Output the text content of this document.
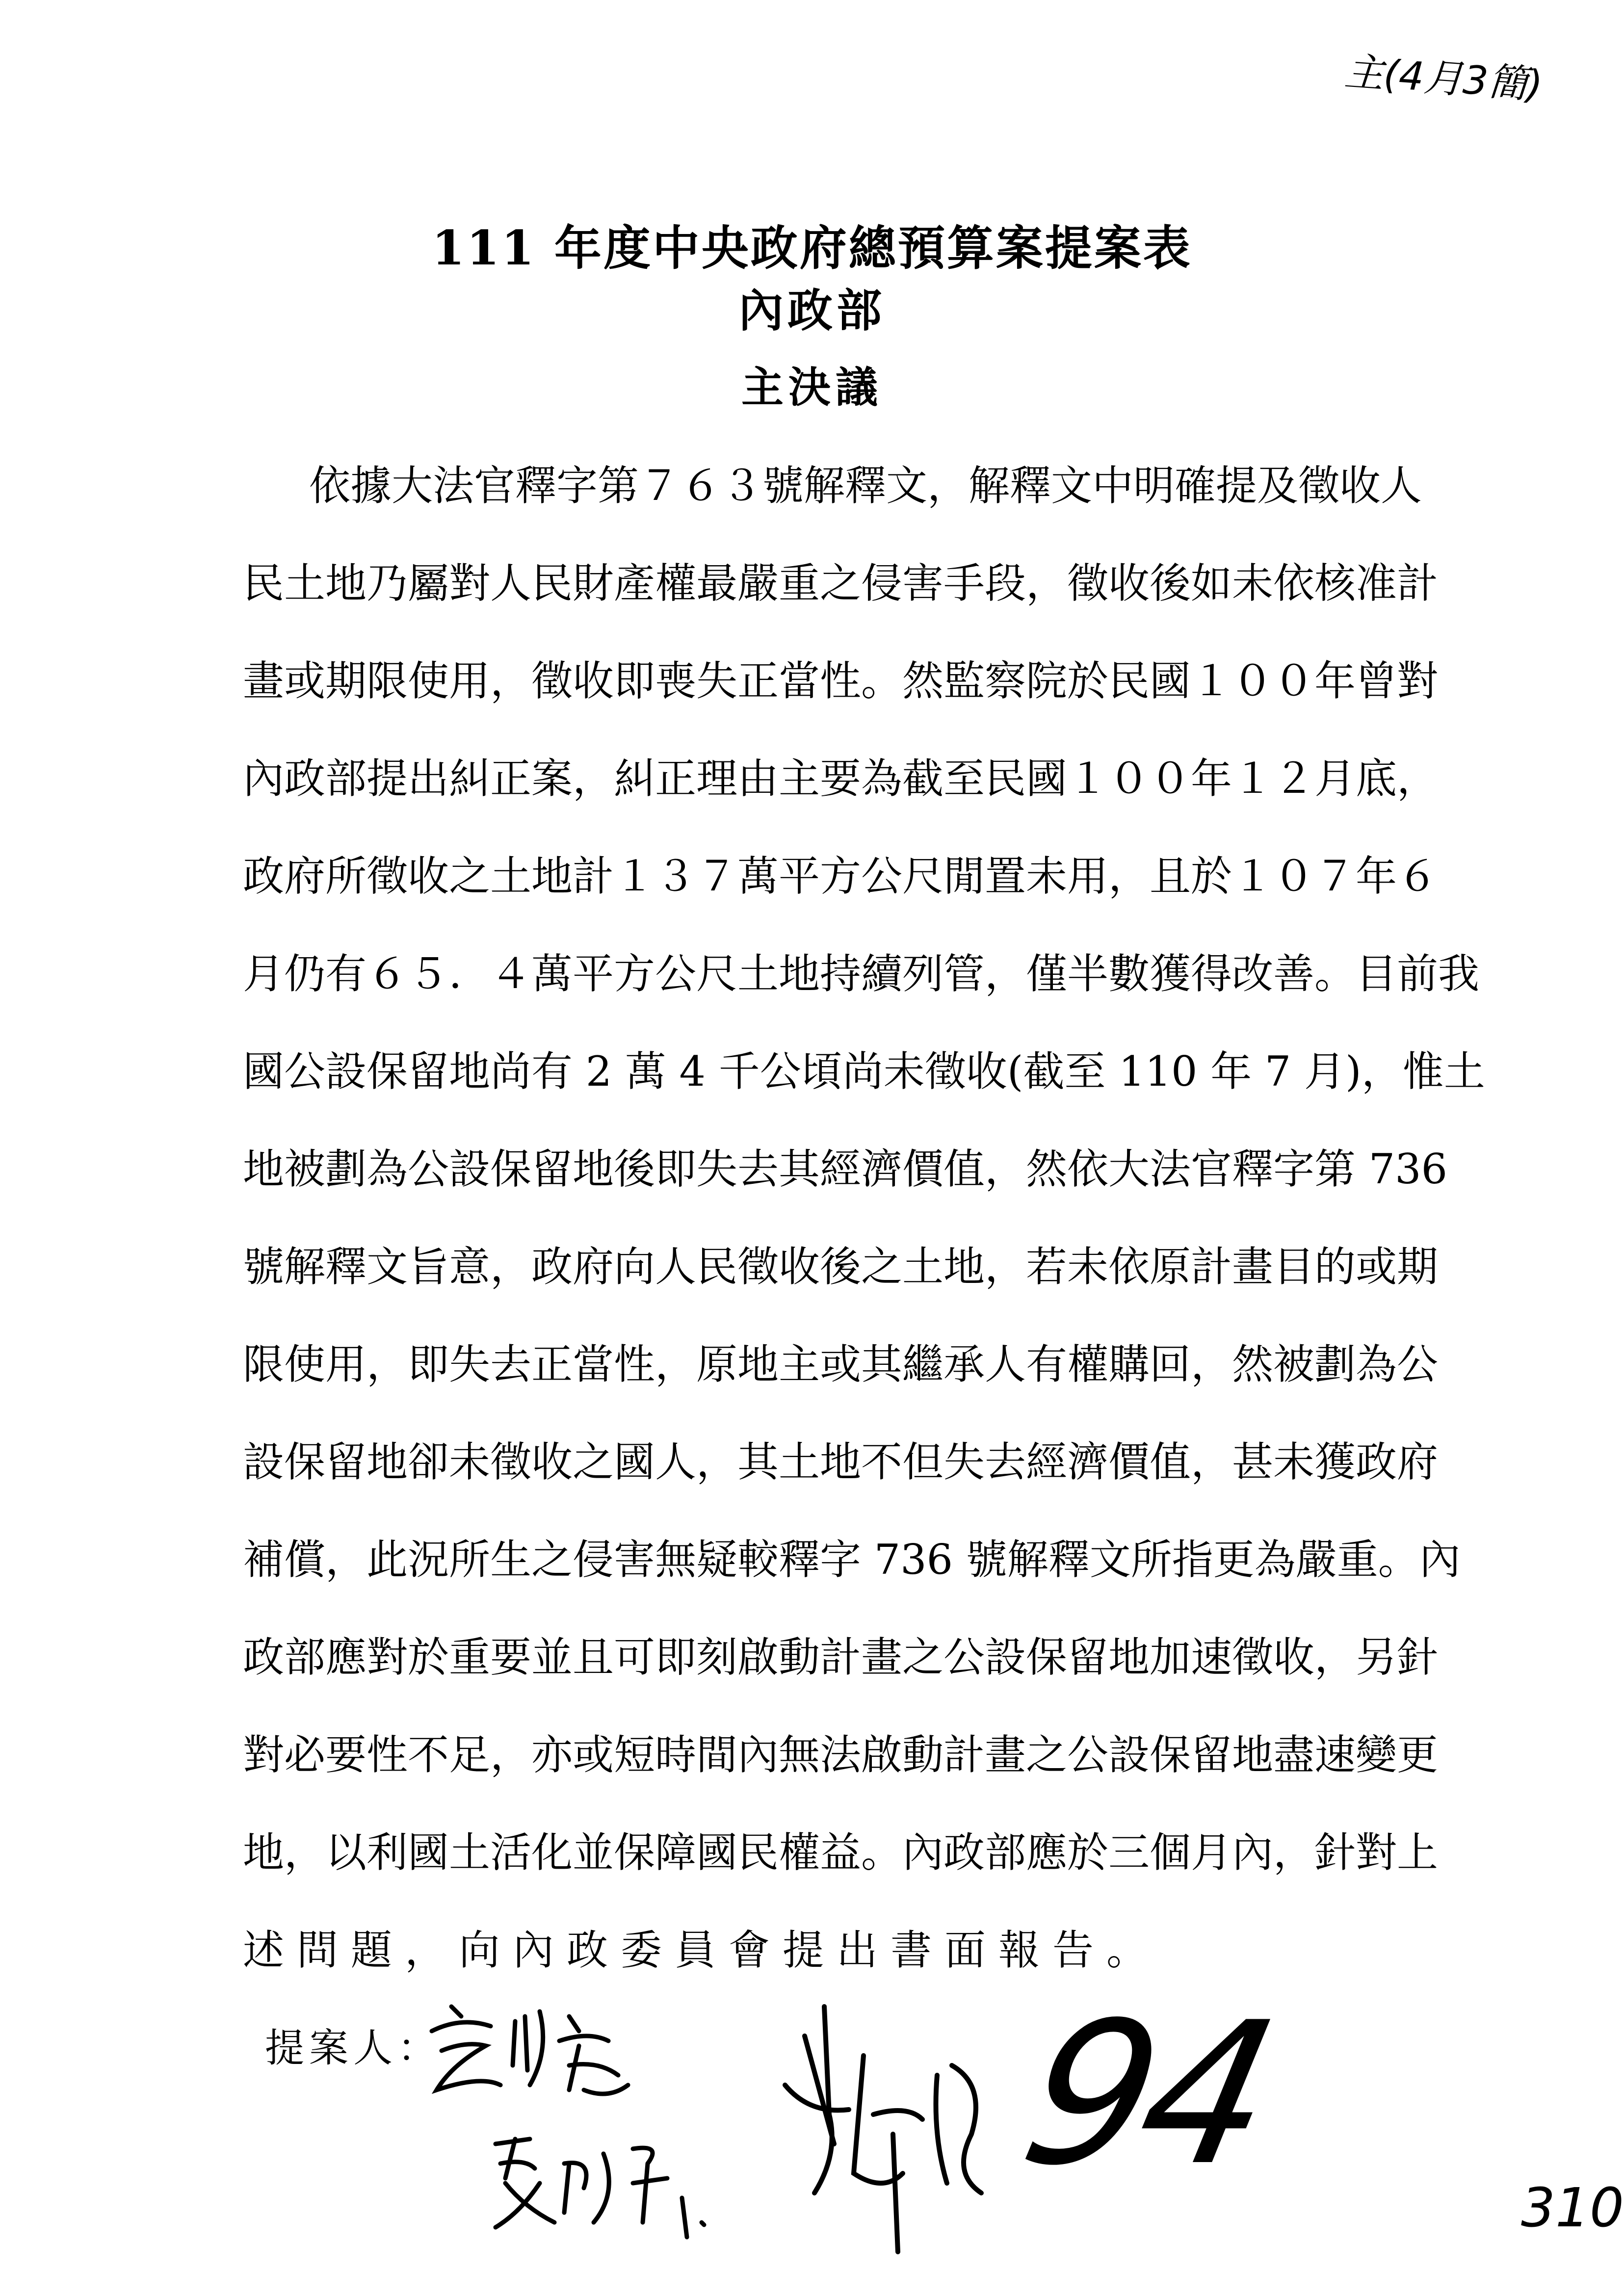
主(4月3簡)
111 年度中央政府總預算案提案表
內政部
主決議
依據大法官釋字第７６３號解釋文，解釋文中明確提及徵收人
民土地乃屬對人民財產權最嚴重之侵害手段，徵收後如未依核准計
畫或期限使用，徵收即喪失正當性。然監察院於民國１００年曾對
內政部提出糾正案，糾正理由主要為截至民國１００年１２月底，
政府所徵收之土地計１３７萬平方公尺閒置未用，且於１０７年６
月仍有６５．４萬平方公尺土地持續列管，僅半數獲得改善。目前我
國公設保留地尚有 2 萬 4 千公頃尚未徵收(截至 110 年 7 月)，惟土
地被劃為公設保留地後即失去其經濟價值，然依大法官釋字第 736
號解釋文旨意，政府向人民徵收後之土地，若未依原計畫目的或期
限使用，即失去正當性，原地主或其繼承人有權購回，然被劃為公
設保留地卻未徵收之國人，其土地不但失去經濟價值，甚未獲政府
補償，此況所生之侵害無疑較釋字 736 號解釋文所指更為嚴重。內
政部應對於重要並且可即刻啟動計畫之公設保留地加速徵收，另針
對必要性不足，亦或短時間內無法啟動計畫之公設保留地盡速變更
地，以利國土活化並保障國民權益。內政部應於三個月內，針對上
述問題，向內政委員會提出書面報告。
提案人：	94	310
